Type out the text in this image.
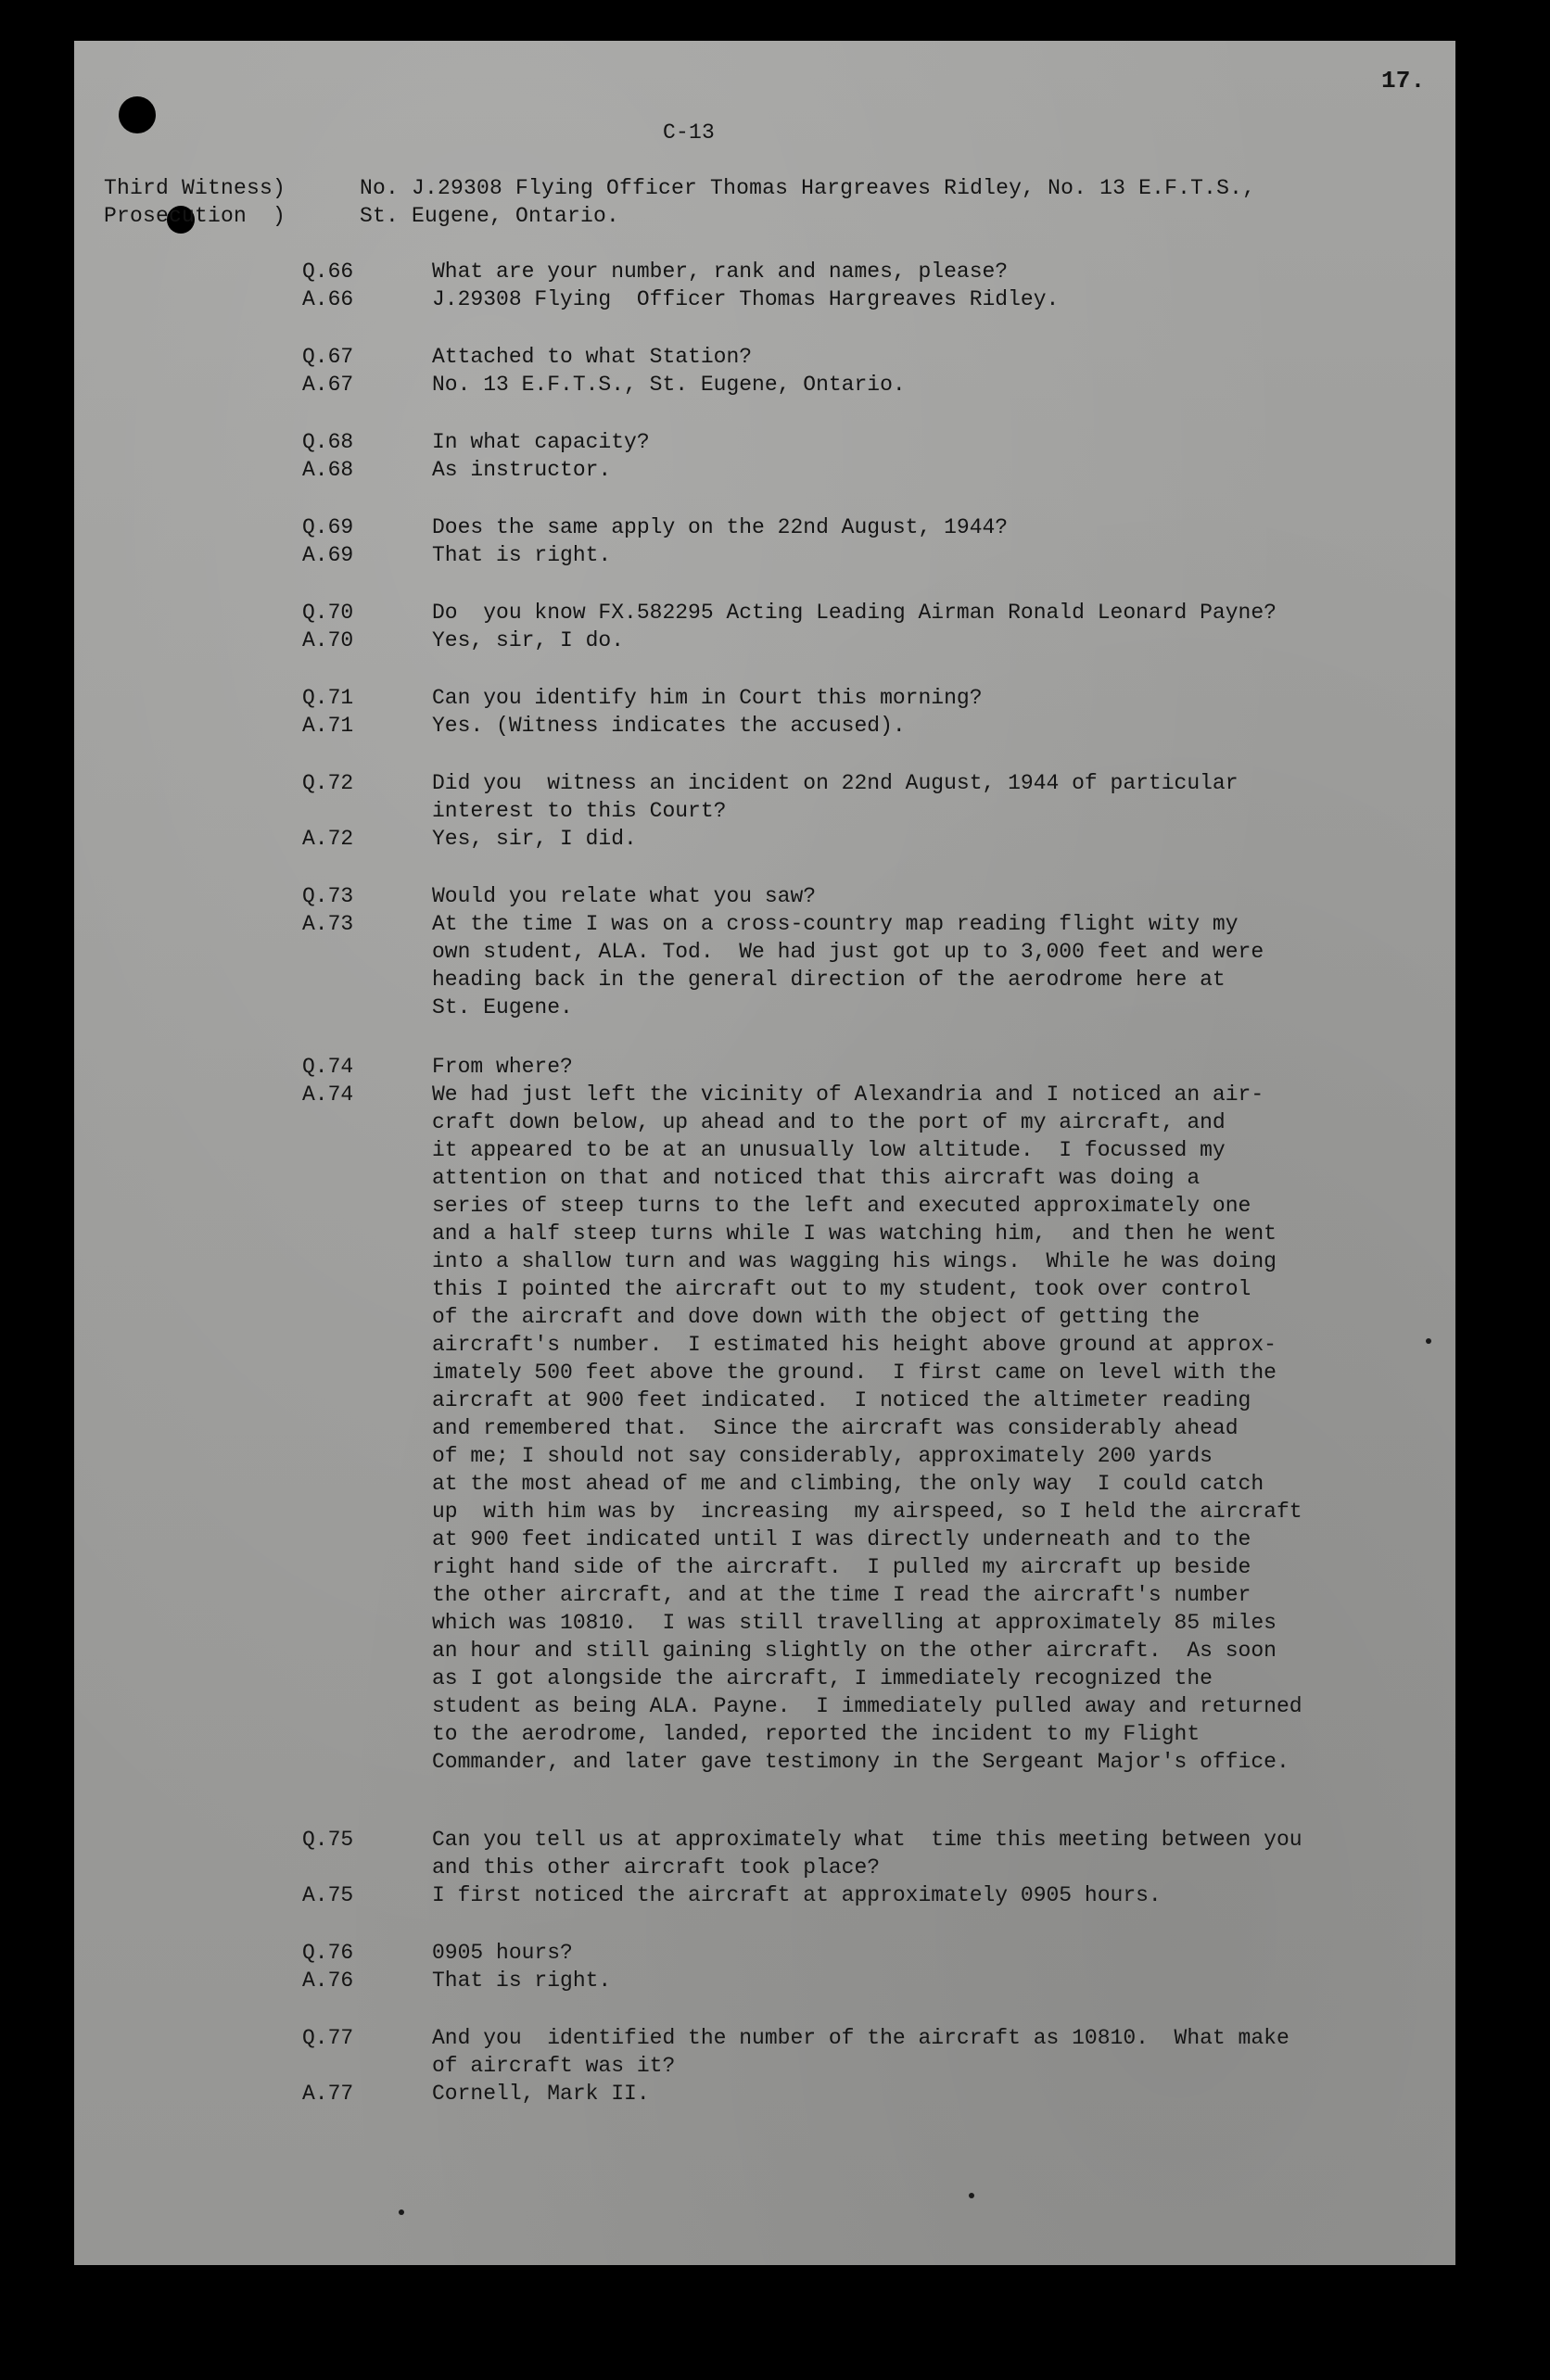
17.
C-13
Third Witness)
Prosecution  )
No. J.29308 Flying Officer Thomas Hargreaves Ridley, No. 13 E.F.T.S.,
St. Eugene, Ontario.
Q.66	What are your number, rank and names, please?
A.66	J.29308 Flying  Officer Thomas Hargreaves Ridley.
Q.67	Attached to what Station?
A.67	No. 13 E.F.T.S., St. Eugene, Ontario.
Q.68	In what capacity?
A.68	As instructor.
Q.69	Does the same apply on the 22nd August, 1944?
A.69	That is right.
Q.70	Do  you know FX.582295 Acting Leading Airman Ronald Leonard Payne?
A.70	Yes, sir, I do.
Q.71	Can you identify him in Court this morning?
A.71	Yes. (Witness indicates the accused).
Q.72	Did you  witness an incident on 22nd August, 1944 of particular
interest to this Court?
A.72	Yes, sir, I did.
Q.73	Would you relate what you saw?
A.73	At the time I was on a cross-country map reading flight wity my
own student, ALA. Tod.  We had just got up to 3,000 feet and were
heading back in the general direction of the aerodrome here at
St. Eugene.
Q.74	From where?
A.74	We had just left the vicinity of Alexandria and I noticed an air-
craft down below, up ahead and to the port of my aircraft, and
it appeared to be at an unusually low altitude.  I focussed my
attention on that and noticed that this aircraft was doing a
series of steep turns to the left and executed approximately one
and a half steep turns while I was watching him,  and then he went
into a shallow turn and was wagging his wings.  While he was doing
this I pointed the aircraft out to my student, took over control
of the aircraft and dove down with the object of getting the
aircraft's number.  I estimated his height above ground at approx-
imately 500 feet above the ground.  I first came on level with the
aircraft at 900 feet indicated.  I noticed the altimeter reading
and remembered that.  Since the aircraft was considerably ahead
of me; I should not say considerably, approximately 200 yards
at the most ahead of me and climbing, the only way  I could catch
up  with him was by  increasing  my airspeed, so I held the aircraft
at 900 feet indicated until I was directly underneath and to the
right hand side of the aircraft.  I pulled my aircraft up beside
the other aircraft, and at the time I read the aircraft's number
which was 10810.  I was still travelling at approximately 85 miles
an hour and still gaining slightly on the other aircraft.  As soon
as I got alongside the aircraft, I immediately recognized the
student as being ALA. Payne.  I immediately pulled away and returned
to the aerodrome, landed, reported the incident to my Flight
Commander, and later gave testimony in the Sergeant Major's office.
Q.75	Can you tell us at approximately what  time this meeting between you
and this other aircraft took place?
A.75	I first noticed the aircraft at approximately 0905 hours.
Q.76	0905 hours?
A.76	That is right.
Q.77	And you  identified the number of the aircraft as 10810.  What make
of aircraft was it?
A.77	Cornell, Mark II.
